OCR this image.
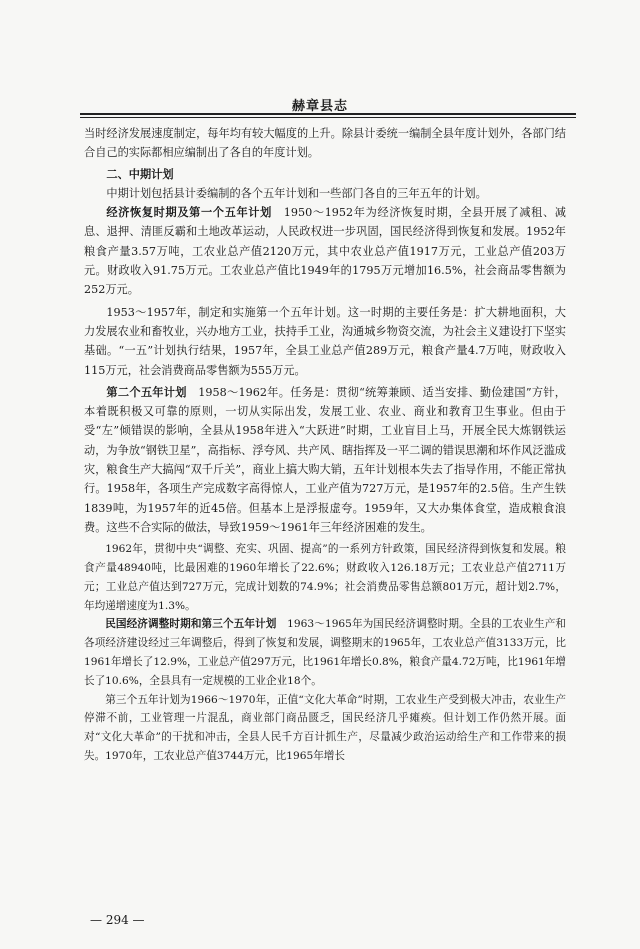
赫章县志

当时经济发展速度制定，每年均有较大幅度的上升。除县计委统一编制全县年度计划外，各部门结合自己的实际都相应编制出了各自的年度计划。

二、中期计划

中期计划包括县计委编制的各个五年计划和一些部门各自的三年五年的计划。

经济恢复时期及第一个五年计划　1950～1952年为经济恢复时期，全县开展了减租、减息、退押、清匪反霸和土地改革运动，人民政权进一步巩固，国民经济得到恢复和发展。1952年粮食产量3.57万吨，工农业总产值2120万元，其中农业总产值1917万元，工业总产值203万元。财政收入91.75万元。工农业总产值比1949年的1795万元增加16.5%，社会商品零售额为252万元。

1953～1957年，制定和实施第一个五年计划。这一时期的主要任务是：扩大耕地面积，大力发展农业和畜牧业，兴办地方工业，扶持手工业，沟通城乡物资交流，为社会主义建设打下坚实基础。“一五”计划执行结果，1957年，全县工业总产值289万元，粮食产量4.7万吨，财政收入115万元，社会消费商品零售额为555万元。

第二个五年计划　1958～1962年。任务是：贯彻“统筹兼顾、适当安排、勤俭建国”方针，本着既积极又可靠的原则，一切从实际出发，发展工业、农业、商业和教育卫生事业。但由于受“左”倾错误的影响，全县从1958年进入“大跃进”时期，工业盲目上马，开展全民大炼钢铁运动，为争放“钢铁卫星”，高指标、浮夸风、共产风、瞎指挥及一平二调的错误思潮和坏作风泛滥成灾，粮食生产大搞闯“双千斤关”，商业上搞大购大销，五年计划根本失去了指导作用，不能正常执行。1958年，各项生产完成数字高得惊人，工业产值为727万元，是1957年的2.5倍。生产生铁1839吨，为1957年的近45倍。但基本上是浮报虚夸。1959年，又大办集体食堂，造成粮食浪费。这些不合实际的做法，导致1959～1961年三年经济困难的发生。

1962年，贯彻中央“调整、充实、巩固、提高”的一系列方针政策，国民经济得到恢复和发展。粮食产量48940吨，比最困难的1960年增长了22.6%；财政收入126.18万元；工农业总产值2711万元；工业总产值达到727万元，完成计划数的74.9%；社会消费品零售总额801万元，超计划2.7%，年均递增速度为1.3%。

民国经济调整时期和第三个五年计划　1963～1965年为国民经济调整时期。全县的工农业生产和各项经济建设经过三年调整后，得到了恢复和发展，调整期末的1965年，工农业总产值3133万元，比1961年增长了12.9%，工业总产值297万元，比1961年增长0.8%，粮食产量4.72万吨，比1961年增长了10.6%，全县具有一定规模的工业企业18个。

第三个五年计划为1966～1970年，正值“文化大革命”时期，工农业生产受到极大冲击，农业生产停滞不前，工业管理一片混乱，商业部门商品匮乏，国民经济几乎瘫痪。但计划工作仍然开展。面对“文化大革命”的干扰和冲击，全县人民千方百计抓生产，尽量减少政治运动给生产和工作带来的损失。1970年，工农业总产值3744万元，比1965年增长

— 294 —
